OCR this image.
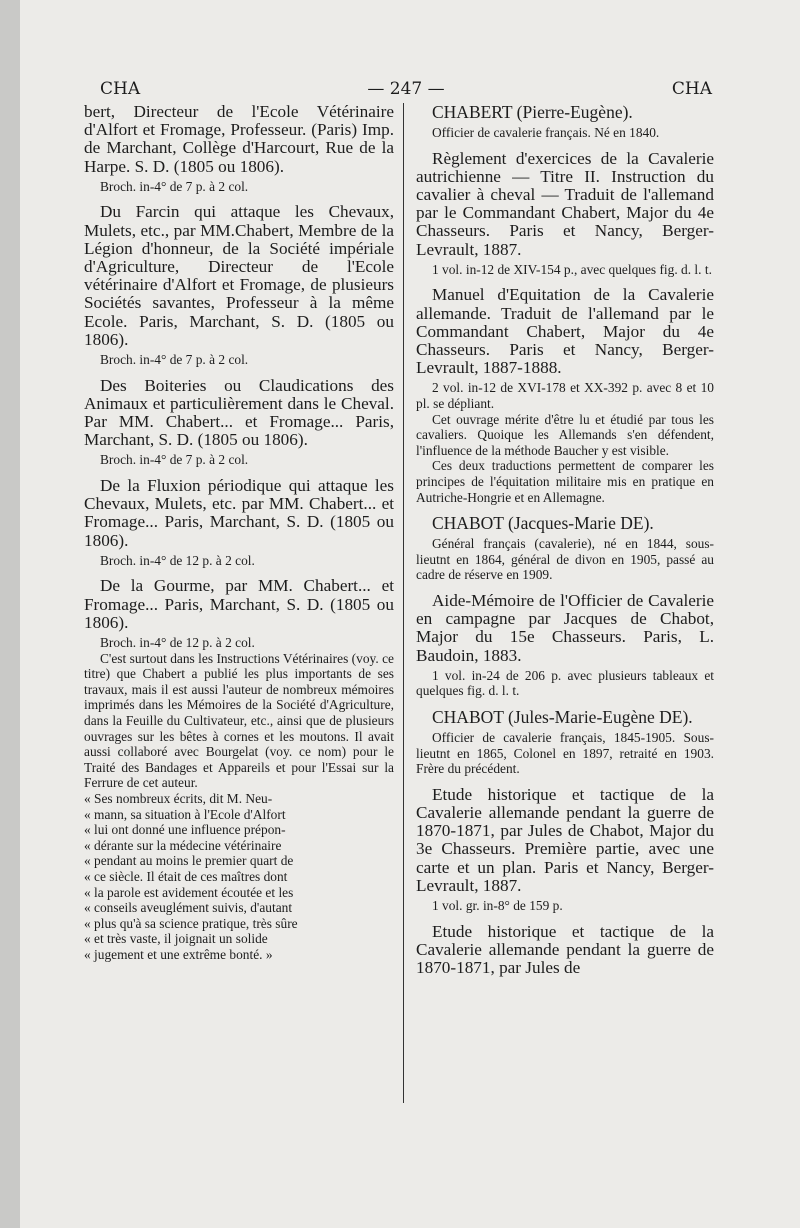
CHA	— 247 —	CHA

bert, Directeur de l'Ecole Vétérinaire d'Alfort et Fromage, Professeur. (Paris) Imp. de Marchant, Collège d'Harcourt, Rue de la Harpe. S. D. (1805 ou 1806).

Broch. in-4° de 7 p. à 2 col.

Du Farcin qui attaque les Chevaux, Mulets, etc., par MM.Chabert, Membre de la Légion d'honneur, de la Société impériale d'Agriculture, Directeur de l'Ecole vétérinaire d'Alfort et Fromage, de plusieurs Sociétés savantes, Professeur à la même Ecole. Paris, Marchant, S. D. (1805 ou 1806).

Broch. in-4° de 7 p. à 2 col.

Des Boiteries ou Claudications des Animaux et particulièrement dans le Cheval. Par MM. Chabert... et Fromage... Paris, Marchant, S. D. (1805 ou 1806).

Broch. in-4° de 7 p. à 2 col.

De la Fluxion périodique qui attaque les Chevaux, Mulets, etc. par MM. Chabert... et Fromage... Paris, Marchant, S. D. (1805 ou 1806).

Broch. in-4° de 12 p. à 2 col.

De la Gourme, par MM. Chabert... et Fromage... Paris, Marchant, S. D. (1805 ou 1806).

Broch. in-4° de 12 p. à 2 col.

C'est surtout dans les Instructions Vétérinaires (voy. ce titre) que Chabert a publié les plus importants de ses travaux, mais il est aussi l'auteur de nombreux mémoires imprimés dans les Mémoires de la Société d'Agriculture, dans la Feuille du Cultivateur, etc., ainsi que de plusieurs ouvrages sur les bêtes à cornes et les moutons. Il avait aussi collaboré avec Bourgelat (voy. ce nom) pour le Traité des Bandages et Appareils et pour l'Essai sur la Ferrure de cet auteur.

« Ses nombreux écrits, dit M. Neu-
« mann, sa situation à l'Ecole d'Alfort
« lui ont donné une influence prépon-
« dérante sur la médecine vétérinaire
« pendant au moins le premier quart de
« ce siècle. Il était de ces maîtres dont
« la parole est avidement écoutée et les
« conseils aveuglément suivis, d'autant
« plus qu'à sa science pratique, très sûre
« et très vaste, il joignait un solide
« jugement et une extrême bonté. »

CHABERT (Pierre-Eugène).

Officier de cavalerie français. Né en 1840.

Règlement d'exercices de la Cavalerie autrichienne — Titre II. Instruction du cavalier à cheval — Traduit de l'allemand par le Commandant Chabert, Major du 4e Chasseurs. Paris et Nancy, Berger-Levrault, 1887.

1 vol. in-12 de XIV-154 p., avec quelques fig. d. l. t.

Manuel d'Equitation de la Cavalerie allemande. Traduit de l'allemand par le Commandant Chabert, Major du 4e Chasseurs. Paris et Nancy, Berger-Levrault, 1887-1888.

2 vol. in-12 de XVI-178 et XX-392 p. avec 8 et 10 pl. se dépliant.

Cet ouvrage mérite d'être lu et étudié par tous les cavaliers. Quoique les Allemands s'en défendent, l'influence de la méthode Baucher y est visible.

Ces deux traductions permettent de comparer les principes de l'équitation militaire mis en pratique en Autriche-Hongrie et en Allemagne.

CHABOT (Jacques-Marie DE).

Général français (cavalerie), né en 1844, sous-lieutnt en 1864, général de divon en 1905, passé au cadre de réserve en 1909.

Aide-Mémoire de l'Officier de Cavalerie en campagne par Jacques de Chabot, Major du 15e Chasseurs. Paris, L. Baudoin, 1883.

1 vol. in-24 de 206 p. avec plusieurs tableaux et quelques fig. d. l. t.

CHABOT (Jules-Marie-Eugène DE).

Officier de cavalerie français, 1845-1905. Sous-lieutnt en 1865, Colonel en 1897, retraité en 1903. Frère du précédent.

Etude historique et tactique de la Cavalerie allemande pendant la guerre de 1870-1871, par Jules de Chabot, Major du 3e Chasseurs. Première partie, avec une carte et un plan. Paris et Nancy, Berger-Levrault, 1887.

1 vol. gr. in-8° de 159 p.

Etude historique et tactique de la Cavalerie allemande pendant la guerre de 1870-1871, par Jules de
